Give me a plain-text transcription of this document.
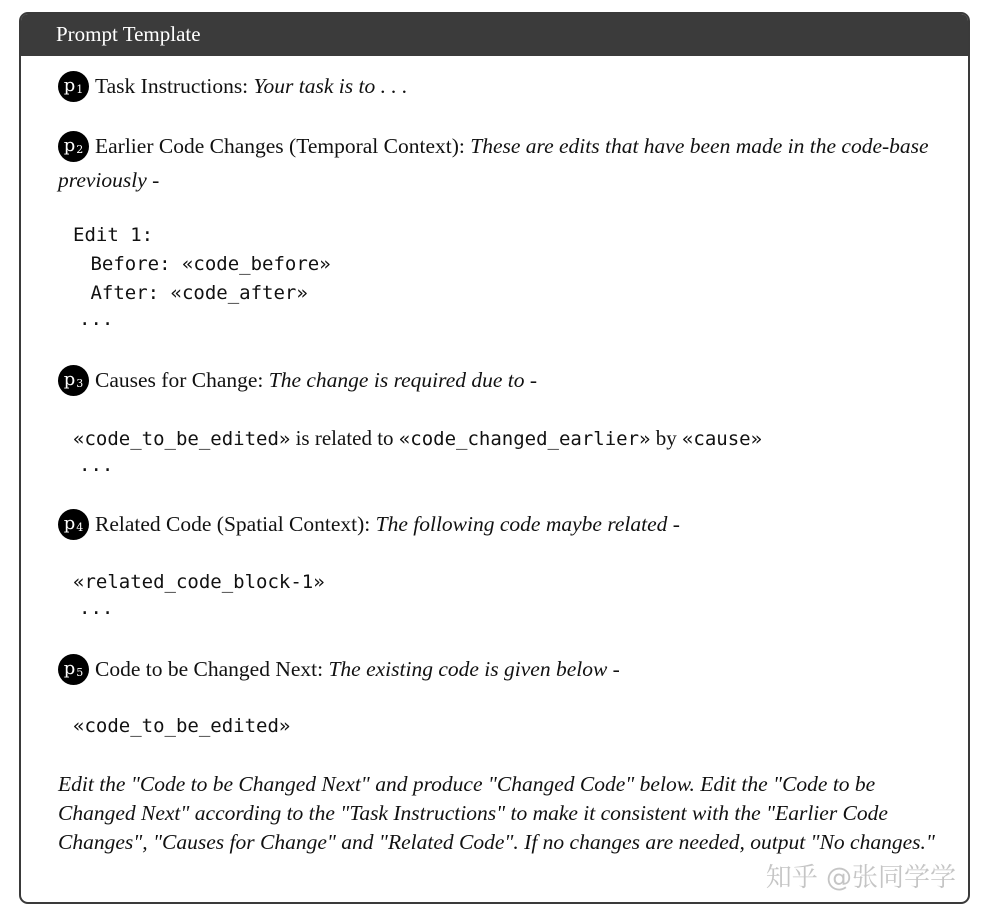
Prompt Template
$p_1$ Task Instructions: Your task is to . . .
$p_2$ Earlier Code Changes (Temporal Context): These are edits that have been made in the code-base previously -
Edit 1:
Before: «code_before»
After: «code_after»
...
$p_3$ Causes for Change: The change is required due to -
«code_to_be_edited» is related to «code_changed_earlier» by «cause»
...
$p_4$ Related Code (Spatial Context): The following code maybe related -
«related_code_block-1»
...
$p_5$ Code to be Changed Next: The existing code is given below -
«code_to_be_edited»
Edit the "Code to be Changed Next" and produce "Changed Code" below. Edit the "Code to be Changed Next" according to the "Task Instructions" to make it consistent with the "Earlier Code Changes", "Causes for Change" and "Related Code". If no changes are needed, output "No changes."
知乎 @张同学学
